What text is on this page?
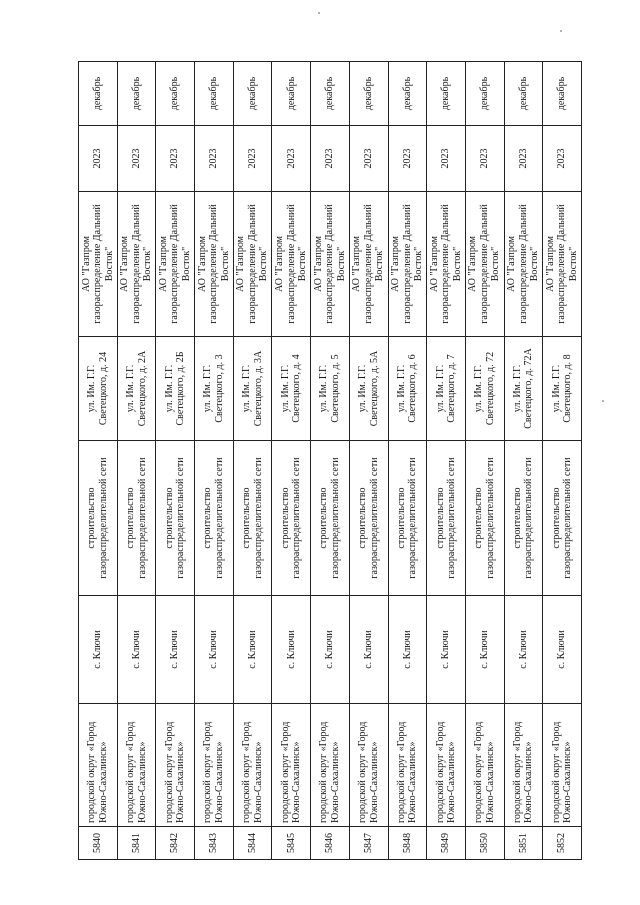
5840	городской округ «Город Южно-Сахалинск»	с. Ключи	строительство газораспределительной сети	ул. Им. Г.Г. Светецкого, д. 24	АО "Газпром газораспределение Дальний Восток"	2023	декабрь
5841	городской округ «Город Южно-Сахалинск»	с. Ключи	строительство газораспределительной сети	ул. Им. Г.Г. Светецкого, д. 2А	АО "Газпром газораспределение Дальний Восток"	2023	декабрь
5842	городской округ «Город Южно-Сахалинск»	с. Ключи	строительство газораспределительной сети	ул. Им. Г.Г. Светецкого, д. 2Б	АО "Газпром газораспределение Дальний Восток"	2023	декабрь
5843	городской округ «Город Южно-Сахалинск»	с. Ключи	строительство газораспределительной сети	ул. Им. Г.Г. Светецкого, д. 3	АО "Газпром газораспределение Дальний Восток"	2023	декабрь
5844	городской округ «Город Южно-Сахалинск»	с. Ключи	строительство газораспределительной сети	ул. Им. Г.Г. Светецкого, д. 3А	АО "Газпром газораспределение Дальний Восток"	2023	декабрь
5845	городской округ «Город Южно-Сахалинск»	с. Ключи	строительство газораспределительной сети	ул. Им. Г.Г. Светецкого, д. 4	АО "Газпром газораспределение Дальний Восток"	2023	декабрь
5846	городской округ «Город Южно-Сахалинск»	с. Ключи	строительство газораспределительной сети	ул. Им. Г.Г. Светецкого, д. 5	АО "Газпром газораспределение Дальний Восток"	2023	декабрь
5847	городской округ «Город Южно-Сахалинск»	с. Ключи	строительство газораспределительной сети	ул. Им. Г.Г. Светецкого, д. 5А	АО "Газпром газораспределение Дальний Восток"	2023	декабрь
5848	городской округ «Город Южно-Сахалинск»	с. Ключи	строительство газораспределительной сети	ул. Им. Г.Г. Светецкого, д. 6	АО "Газпром газораспределение Дальний Восток"	2023	декабрь
5849	городской округ «Город Южно-Сахалинск»	с. Ключи	строительство газораспределительной сети	ул. Им. Г.Г. Светецкого, д. 7	АО "Газпром газораспределение Дальний Восток"	2023	декабрь
5850	городской округ «Город Южно-Сахалинск»	с. Ключи	строительство газораспределительной сети	ул. Им. Г.Г. Светецкого, д. 72	АО "Газпром газораспределение Дальний Восток"	2023	декабрь
5851	городской округ «Город Южно-Сахалинск»	с. Ключи	строительство газораспределительной сети	ул. Им. Г.Г. Светецкого, д. 72А	АО "Газпром газораспределение Дальний Восток"	2023	декабрь
5852	городской округ «Город Южно-Сахалинск»	с. Ключи	строительство газораспределительной сети	ул. Им. Г.Г. Светецкого, д. 8	АО "Газпром газораспределение Дальний Восток"	2023	декабрь
